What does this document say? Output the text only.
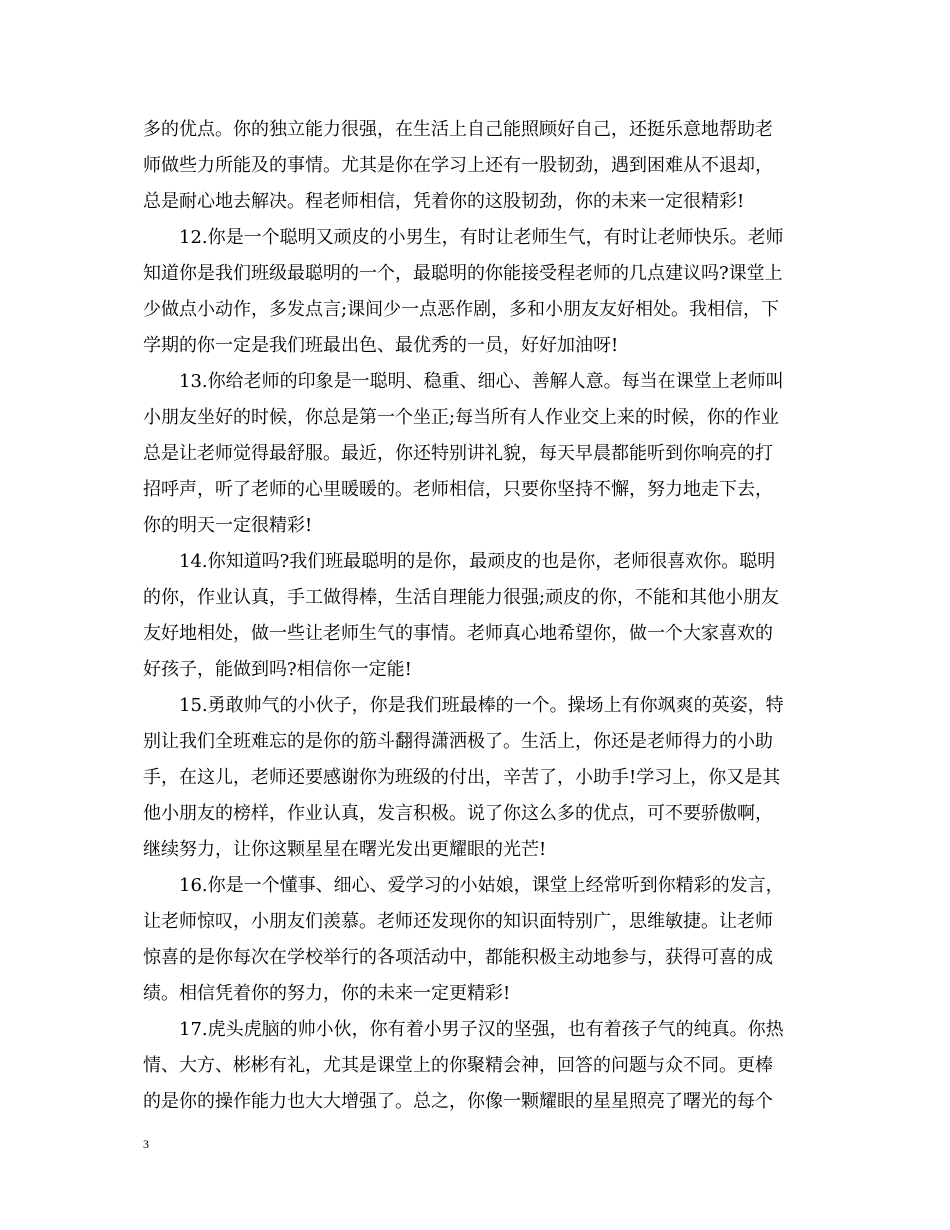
多的优点。你的独立能力很强，在生活上自己能照顾好自己，还挺乐意地帮助老
师做些力所能及的事情。尤其是你在学习上还有一股韧劲，遇到困难从不退却，
总是耐心地去解决。程老师相信，凭着你的这股韧劲，你的未来一定很精彩!
12.你是一个聪明又顽皮的小男生，有时让老师生气，有时让老师快乐。老师
知道你是我们班级最聪明的一个，最聪明的你能接受程老师的几点建议吗?课堂上
少做点小动作，多发点言;课间少一点恶作剧，多和小朋友友好相处。我相信，下
学期的你一定是我们班最出色、最优秀的一员，好好加油呀!
13.你给老师的印象是一聪明、稳重、细心、善解人意。每当在课堂上老师叫
小朋友坐好的时候，你总是第一个坐正;每当所有人作业交上来的时候，你的作业
总是让老师觉得最舒服。最近，你还特别讲礼貌，每天早晨都能听到你响亮的打
招呼声，听了老师的心里暖暖的。老师相信，只要你坚持不懈，努力地走下去，
你的明天一定很精彩!
14.你知道吗?我们班最聪明的是你，最顽皮的也是你，老师很喜欢你。聪明
的你，作业认真，手工做得棒，生活自理能力很强;顽皮的你，不能和其他小朋友
友好地相处，做一些让老师生气的事情。老师真心地希望你，做一个大家喜欢的
好孩子，能做到吗?相信你一定能!
15.勇敢帅气的小伙子，你是我们班最棒的一个。操场上有你飒爽的英姿，特
别让我们全班难忘的是你的筋斗翻得潇洒极了。生活上，你还是老师得力的小助
手，在这儿，老师还要感谢你为班级的付出，辛苦了，小助手!学习上，你又是其
他小朋友的榜样，作业认真，发言积极。说了你这么多的优点，可不要骄傲啊，
继续努力，让你这颗星星在曙光发出更耀眼的光芒!
16.你是一个懂事、细心、爱学习的小姑娘，课堂上经常听到你精彩的发言，
让老师惊叹，小朋友们羡慕。老师还发现你的知识面特别广，思维敏捷。让老师
惊喜的是你每次在学校举行的各项活动中，都能积极主动地参与，获得可喜的成
绩。相信凭着你的努力，你的未来一定更精彩!
17.虎头虎脑的帅小伙，你有着小男子汉的坚强，也有着孩子气的纯真。你热
情、大方、彬彬有礼，尤其是课堂上的你聚精会神，回答的问题与众不同。更棒
的是你的操作能力也大大增强了。总之，你像一颗耀眼的星星照亮了曙光的每个
3
